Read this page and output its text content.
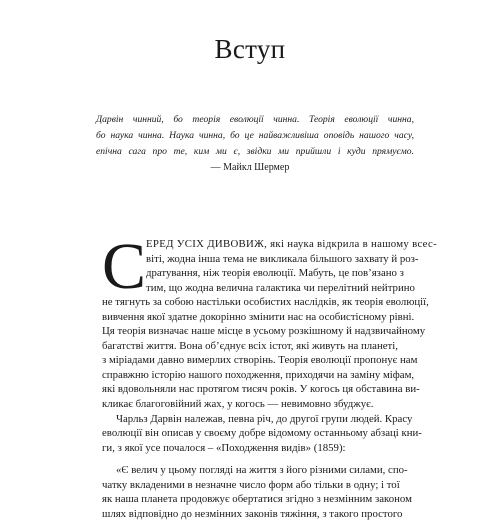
Вступ
Дарвін чинний, бо теорія еволюції чинна. Теорія еволюції чинна,
бо наука чинна. Наука чинна, бо це найважливіша оповідь нашого часу,
епічна сага про те, ким ми є, звідки ми прийшли і куди прямуємо.
— Майкл Шермер
С ЕРЕД УСІХ ДИВОВИЖ, які наука відкрила в нашому всес-
віті, жодна інша тема не викликала більшого захвату й роз-
дратування, ніж теорія еволюції. Мабуть, це пов’язано з
тим, що жодна велична галактика чи перелітний нейтрино
не тягнуть за собою настільки особистих наслідків, як теорія еволюції,
вивчення якої здатне докорінно змінити нас на особистісному рівні.
Ця теорія визначає наше місце в усьому розкішному й надзвичайному
багатстві життя. Вона об’єднує всіх істот, які живуть на планеті,
з міріадами давно вимерлих створінь. Теорія еволюції пропонує нам
справжню історію нашого походження, приходячи на заміну міфам,
які вдовольняли нас протягом тисяч років. У когось ця обставина ви-
кликає благоговійний жах, у когось — невимовно збуджує.
Чарльз Дарвін належав, певна річ, до другої групи людей. Красу
еволюції він описав у своєму добре відомому останньому абзаці кни-
ги, з якої усе почалося – «Походження видів» (1859):
«Є велич у цьому погляді на життя з його різними силами, спо-
чатку вкладеними в незначне число форм або тільки в одну; і тої
як наша планета продовжує обертатися згідно з незмінним законом
шлях відповідно до незмінних законів тяжіння, з такого простого
